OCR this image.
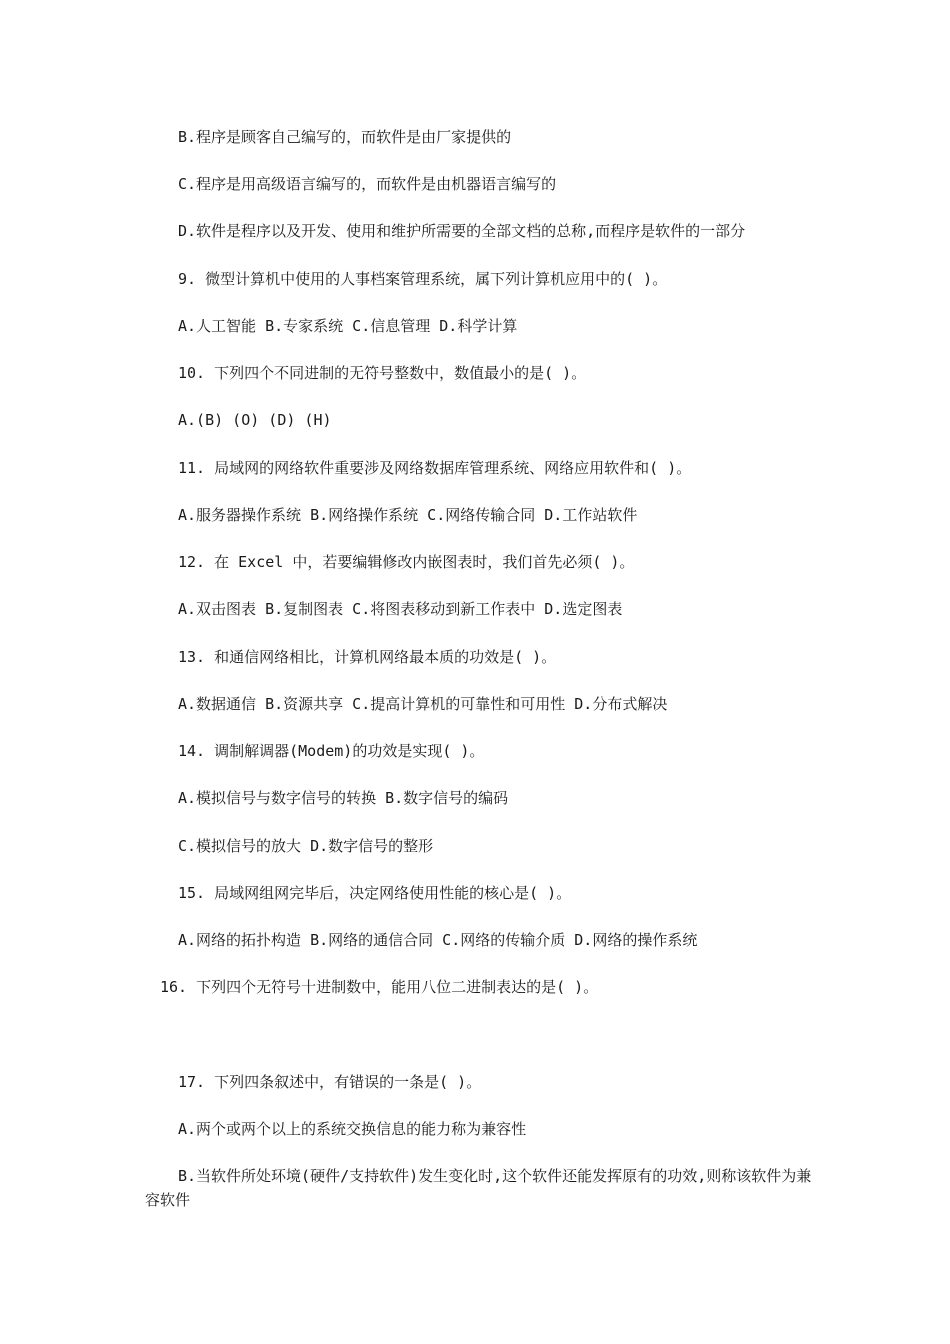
B.程序是顾客自己编写的，而软件是由厂家提供的
C.程序是用高级语言编写的，而软件是由机器语言编写的
D.软件是程序以及开发、使用和维护所需要的全部文档的总称,而程序是软件的一部分
9. 微型计算机中使用的人事档案管理系统，属下列计算机应用中的( )。
A.人工智能 B.专家系统 C.信息管理 D.科学计算
10. 下列四个不同进制的无符号整数中，数值最小的是( )。
A.(B) (O) (D) (H)
11. 局域网的网络软件重要涉及网络数据库管理系统、网络应用软件和( )。
A.服务器操作系统 B.网络操作系统 C.网络传输合同 D.工作站软件
12. 在 Excel 中，若要编辑修改内嵌图表时，我们首先必须( )。
A.双击图表 B.复制图表 C.将图表移动到新工作表中 D.选定图表
13. 和通信网络相比，计算机网络最本质的功效是( )。
A.数据通信 B.资源共享 C.提高计算机的可靠性和可用性 D.分布式解决
14. 调制解调器(Modem)的功效是实现( )。
A.模拟信号与数字信号的转换 B.数字信号的编码
C.模拟信号的放大 D.数字信号的整形
15. 局域网组网完毕后，决定网络使用性能的核心是( )。
A.网络的拓扑构造 B.网络的通信合同 C.网络的传输介质 D.网络的操作系统
16. 下列四个无符号十进制数中，能用八位二进制表达的是( )。
17. 下列四条叙述中，有错误的一条是( )。
A.两个或两个以上的系统交换信息的能力称为兼容性
B.当软件所处环境(硬件/支持软件)发生变化时,这个软件还能发挥原有的功效,则称该软件为兼容软件
